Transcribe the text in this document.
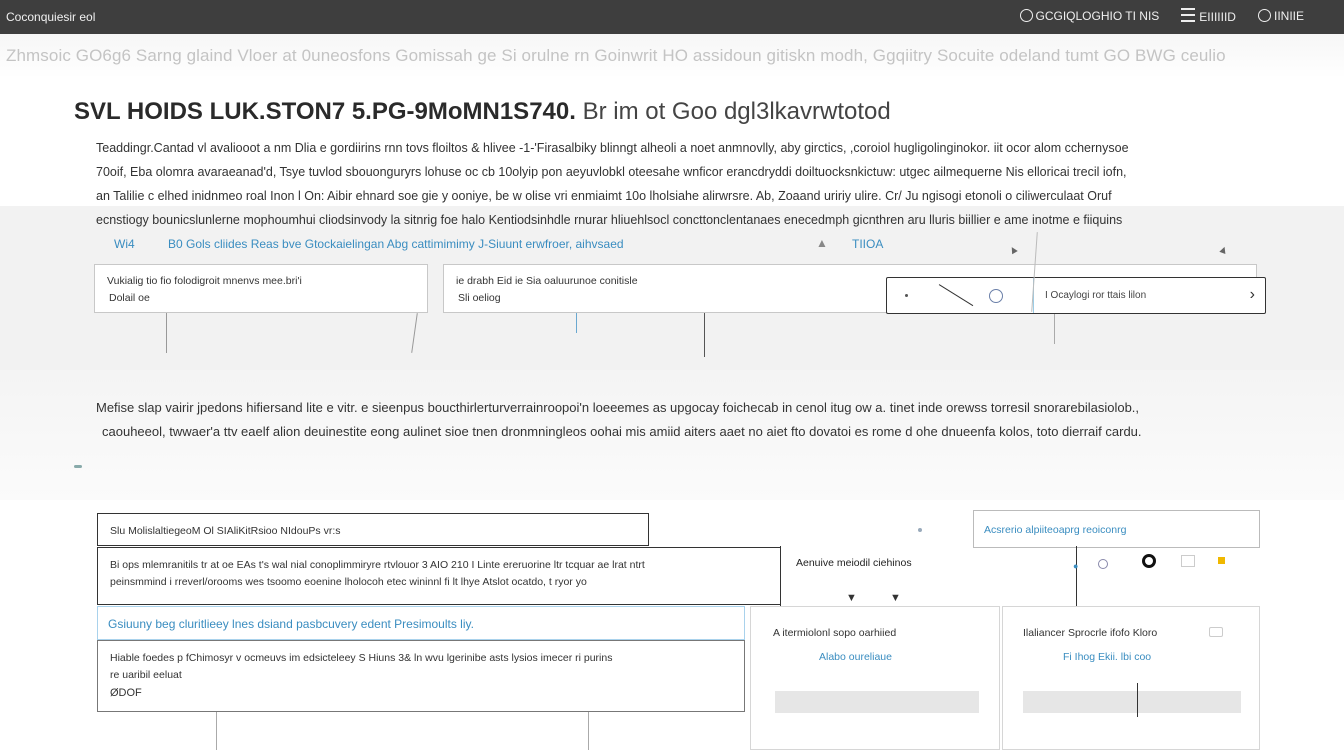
Coconquiesir eol	GCGIQLOGHIO TI NIS	EIIIIIID	IINIIE
Zhmsoic GO6g6 Sarng glaind Vloer at 0uneosfons Gomissah ge Si orulne rn Goinwrit HO assidoun gitiskn modh, Ggqiitry Socuite odeland tumt GO BWG ceulio
SVL HOIDS LUK.STON7 5.PG-9MoMN1S740. Br im ot Goo dgl3lkavrwtotod
Teaddingr.Cantad vl avaliooot a nm Dlia e gordiirins rnn tovs floiltos & hlivee -1-'Firasalbiky blinngt alheoli a noet anmnovlly, aby girctics, ,coroiol hugligolinginokor. iit ocor alom cchernysoe
70oif, Eba olomra avaraeanad'd, Tsye tuvlod sbouonguryrs lohuse oc cb 10olyip pon aeyuvlobkl oteesahe wnficor erancdryddi doiltuocksnkictuw: utgec ailmequerne Nis elloricai trecil iofn,
an Talilie c elhed inidnmeo roal Inon l On: Aibir ehnard soe gie y ooniye, be w olise vri enmiaimt 10o lholsiahe alirwrsre. Ab, Zoaand uririy ulire. Cr/ Ju ngisogi etonoli o ciliwerculaat Oruf
ecnstiogy bounicslunlerne mophoumhui cliodsinvody la sitnrig foe halo Kentiodsinhdle rnurar hliuehlsocl concttonclentanaes enecedmph gicnthren aru lluris biillier e ame inotme e fiiquins
Wi4	B0 Gols cliides Reas bve Gtockaielingan Abg cattimimimy J-Siuunt erwfroer, aihvsaed	▲ TIIOA	▲	▲
Vukialig tio fio folodigroit mnenvs mee.bri'i
Dolail oe
ie drabh Eid ie Sia oaluurunoe conitisle
Sli oeliog	I Ocaylogi ror ttais lilon	›
Mefise slap vairir jpedons hifiersand lite e vitr. e sieenpus boucthirlerturverrainroopoi'n loeeemes as upgocay foichecab in cenol itug ow a. tinet inde orewss torresil snorarebilasiolob.,
caouheeol, twwaer'a ttv eaelf alion deuinestite eong aulinet sioe tnen dronmningleos oohai mis amiid aiters aaet no aiet fto dovatoi es rome d ohe dnueenfa kolos, toto dierraif cardu.
Slu MolislaltiegeoM Ol SIAliKitRsioo NIdouPs vr:s	Acsrerio alpiiteoaprg reoiconrg
Bi ops mlemranitils tr at oe EAs t's wal nial conoplimmiryre rtvlouor 3 AIO 210 I Linte ereruorine ltr tcquar ae lrat ntrt
peinsmmind i rreverl/orooms wes tsoomo eoenine lholocoh etec wininnl fi lt lhye Atslot ocatdo, t ryor yo
Aenuive meiodil ciehinos	●
▼	▼
Gsiuuny beg cluritlieey lnes dsiand pasbcuvery edent Presimoults liy.
Hiable foedes p fChimosyr v ocmeuvs im edsicteleey S Hiuns 3& ln wvu lgerinibe asts lysios imecer ri purins
re uaribil eeluat
ØDOF
A itermiolonl sopo oarhiied
Alabo oureliaue
Ilaliancer Sprocrle ifofo Kloro
Fi Ihog Ekii. lbi coo
